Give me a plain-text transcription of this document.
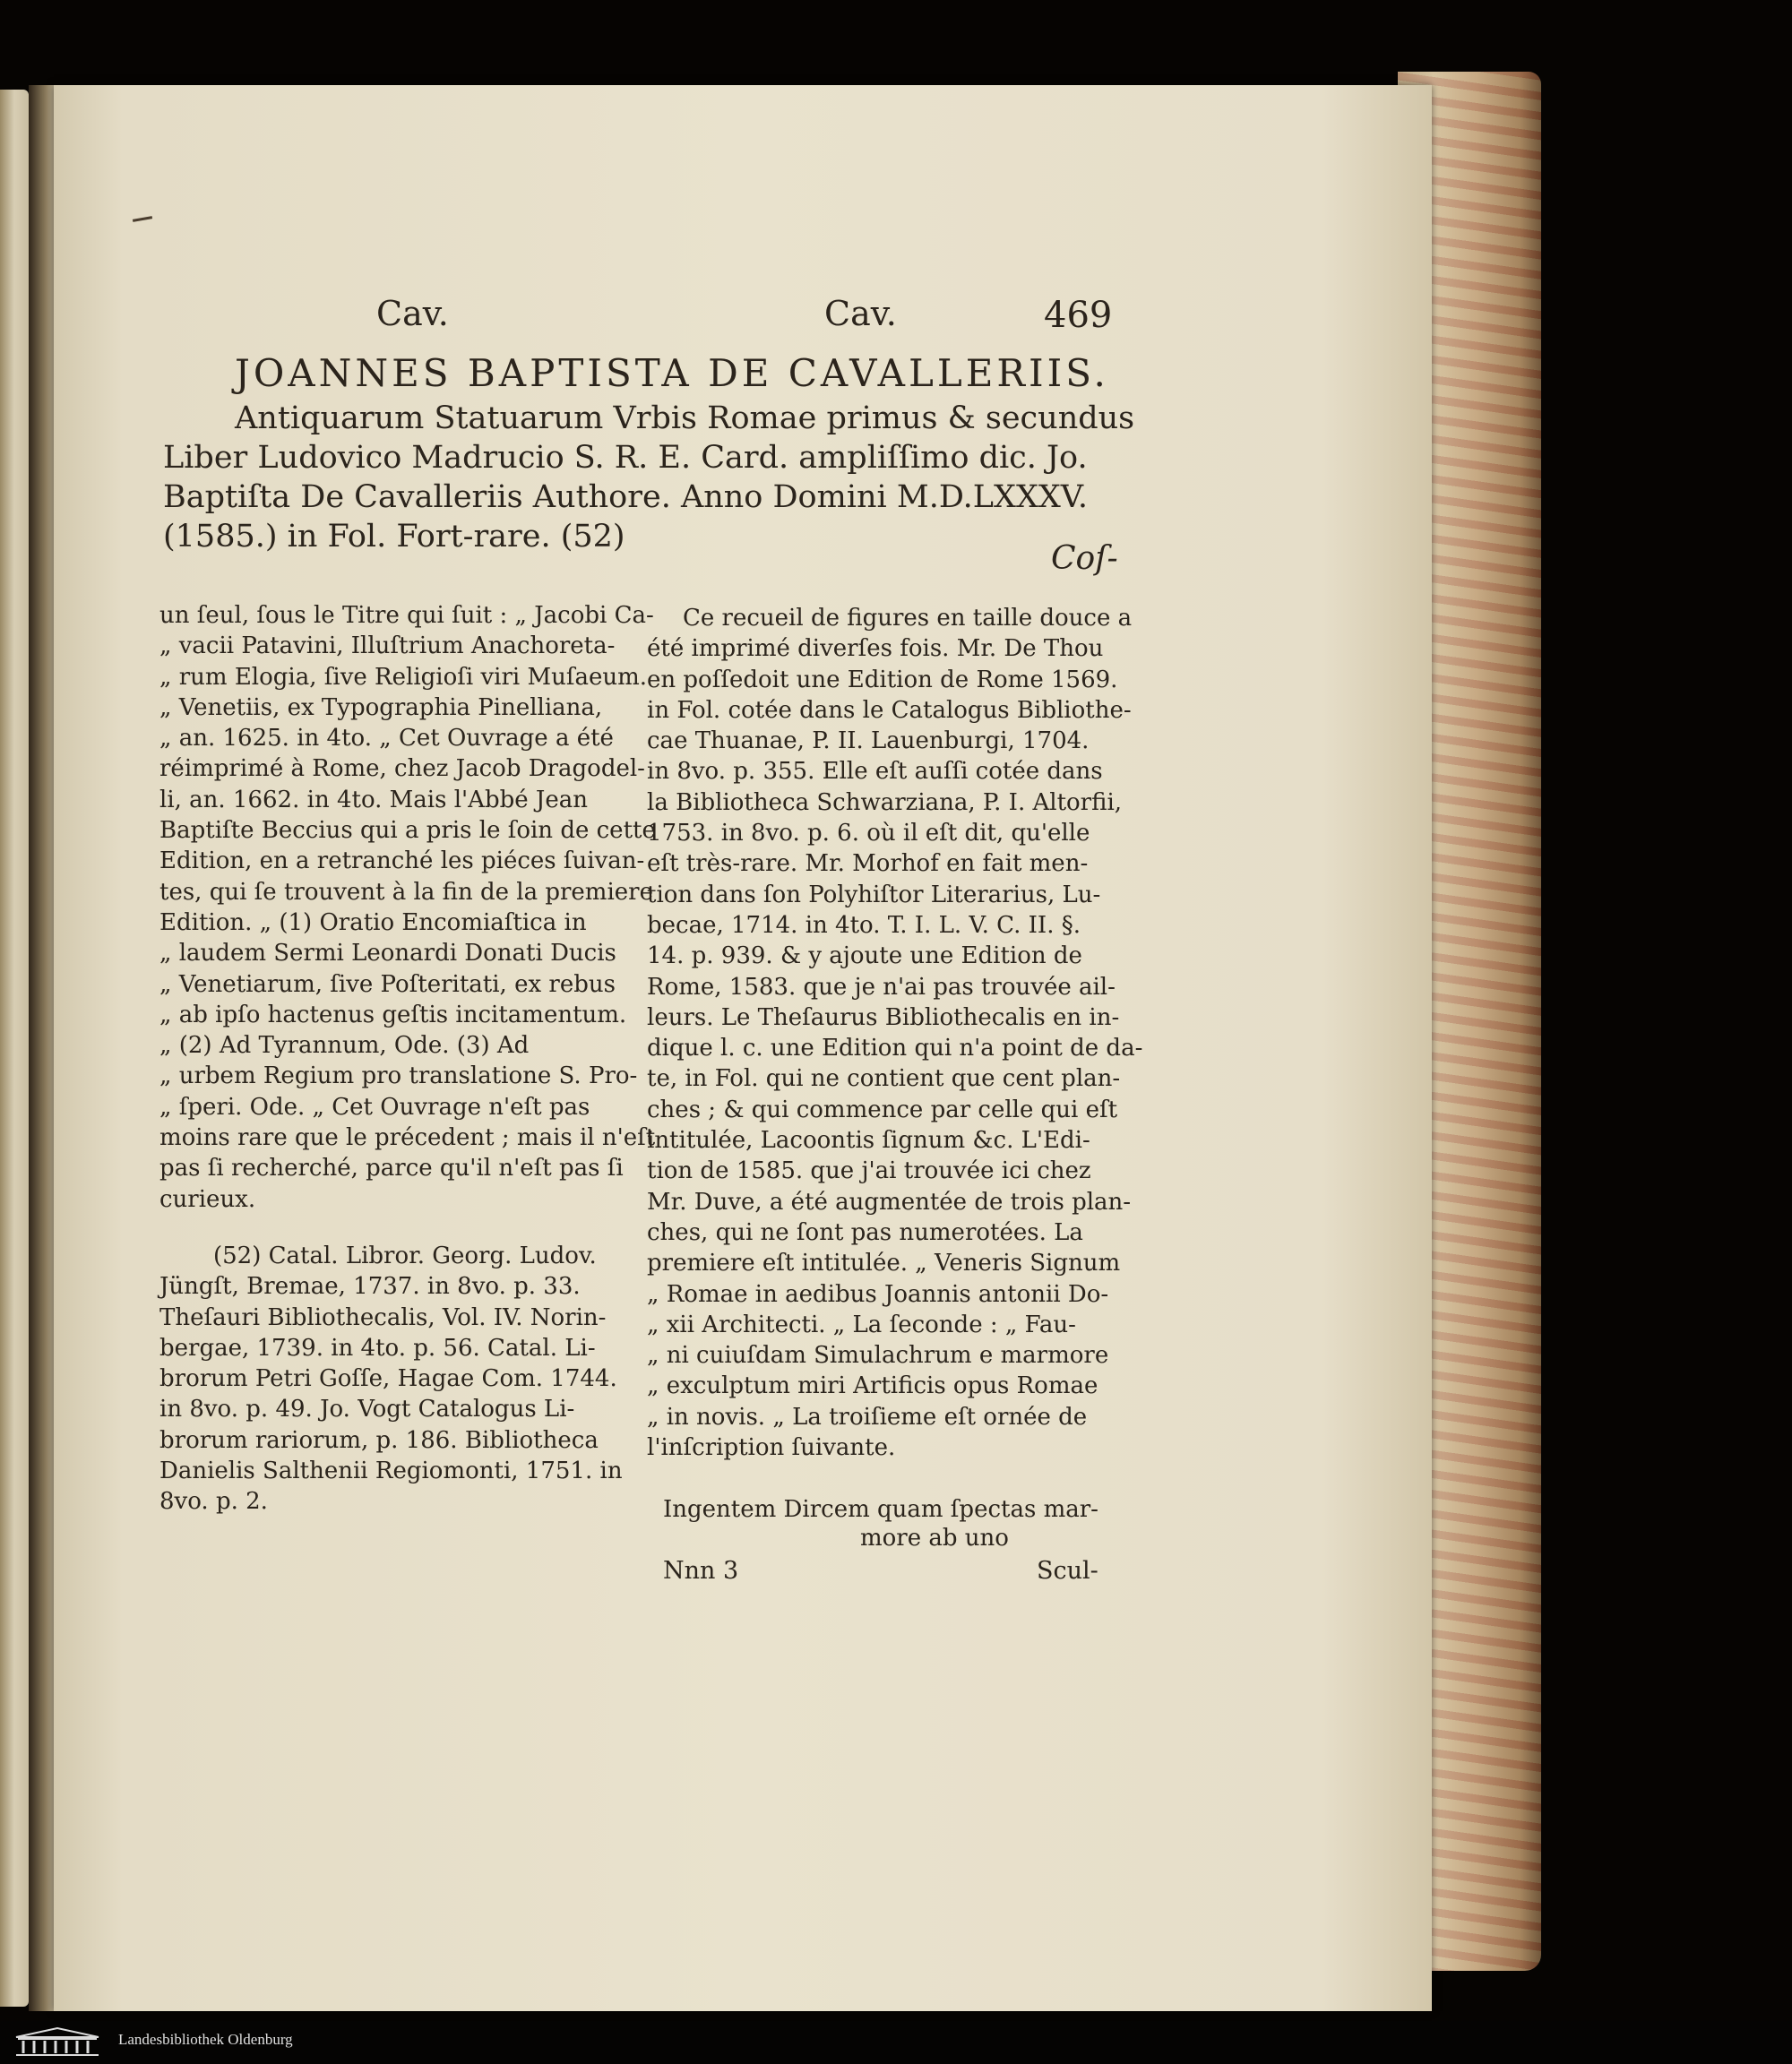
Cav.	Cav.	469
JOANNES BAPTISTA DE CAVALLERIIS.
Antiquarum Statuarum Vrbis Romae primus & secundus
Liber Ludovico Madrucio S. R. E. Card. ampliſſimo dic. Jo.
Baptiſta De Cavalleriis Authore. Anno Domini M.D.LXXXV.
(1585.) in Fol. Fort-rare. (52)
Coſ-
un ſeul, ſous le Titre qui ſuit : „ Jacobi Ca-
„ vacii Patavini, Illuſtrium Anachoreta-
„ rum Elogia, ſive Religioſi viri Muſaeum.
„ Venetiis, ex Typographia Pinelliana,
„ an. 1625. in 4to. „ Cet Ouvrage a été
réimprimé à Rome, chez Jacob Dragodel-
li, an. 1662. in 4to. Mais l'Abbé Jean
Baptiſte Beccius qui a pris le ſoin de cette
Edition, en a retranché les piéces ſuivan-
tes, qui ſe trouvent à la fin de la premiere
Edition. „ (1) Oratio Encomiaſtica in
„ laudem Sermi Leonardi Donati Ducis
„ Venetiarum, ſive Poſteritati, ex rebus
„ ab ipſo hactenus geſtis incitamentum.
„ (2) Ad Tyrannum, Ode. (3) Ad
„ urbem Regium pro translatione S. Pro-
„ ſperi. Ode. „ Cet Ouvrage n'eſt pas
moins rare que le précedent ; mais il n'eſt
pas ſi recherché, parce qu'il n'eſt pas ſi
curieux.
(52) Catal. Libror. Georg. Ludov.
Jüngſt, Bremae, 1737. in 8vo. p. 33.
Theſauri Bibliothecalis, Vol. IV. Norin-
bergae, 1739. in 4to. p. 56. Catal. Li-
brorum Petri Goſſe, Hagae Com. 1744.
in 8vo. p. 49. Jo. Vogt Catalogus Li-
brorum rariorum, p. 186. Bibliotheca
Danielis Salthenii Regiomonti, 1751. in
8vo. p. 2.
Ce recueil de figures en taille douce a
été imprimé diverſes fois. Mr. De Thou
en poſſedoit une Edition de Rome 1569.
in Fol. cotée dans le Catalogus Bibliothe-
cae Thuanae, P. II. Lauenburgi, 1704.
in 8vo. p. 355. Elle eſt auſſi cotée dans
la Bibliotheca Schwarziana, P. I. Altorfii,
1753. in 8vo. p. 6. où il eſt dit, qu'elle
eſt très-rare. Mr. Morhof en fait men-
tion dans ſon Polyhiſtor Literarius, Lu-
becae, 1714. in 4to. T. I. L. V. C. II. §.
14. p. 939. & y ajoute une Edition de
Rome, 1583. que je n'ai pas trouvée ail-
leurs. Le Theſaurus Bibliothecalis en in-
dique l. c. une Edition qui n'a point de da-
te, in Fol. qui ne contient que cent plan-
ches ; & qui commence par celle qui eſt
intitulée, Lacoontis ſignum &c. L'Edi-
tion de 1585. que j'ai trouvée ici chez
Mr. Duve, a été augmentée de trois plan-
ches, qui ne ſont pas numerotées. La
premiere eſt intitulée. „ Veneris Signum
„ Romae in aedibus Joannis antonii Do-
„ xii Architecti. „ La ſeconde : „ Fau-
„ ni cuiuſdam Simulachrum e marmore
„ exculptum miri Artificis opus Romae
„ in novis. „ La troiſieme eſt ornée de
l'inſcription ſuivante.
Ingentem Dircem quam ſpectas mar-
more ab uno
Nnn 3	Scul-
Landesbibliothek Oldenburg
